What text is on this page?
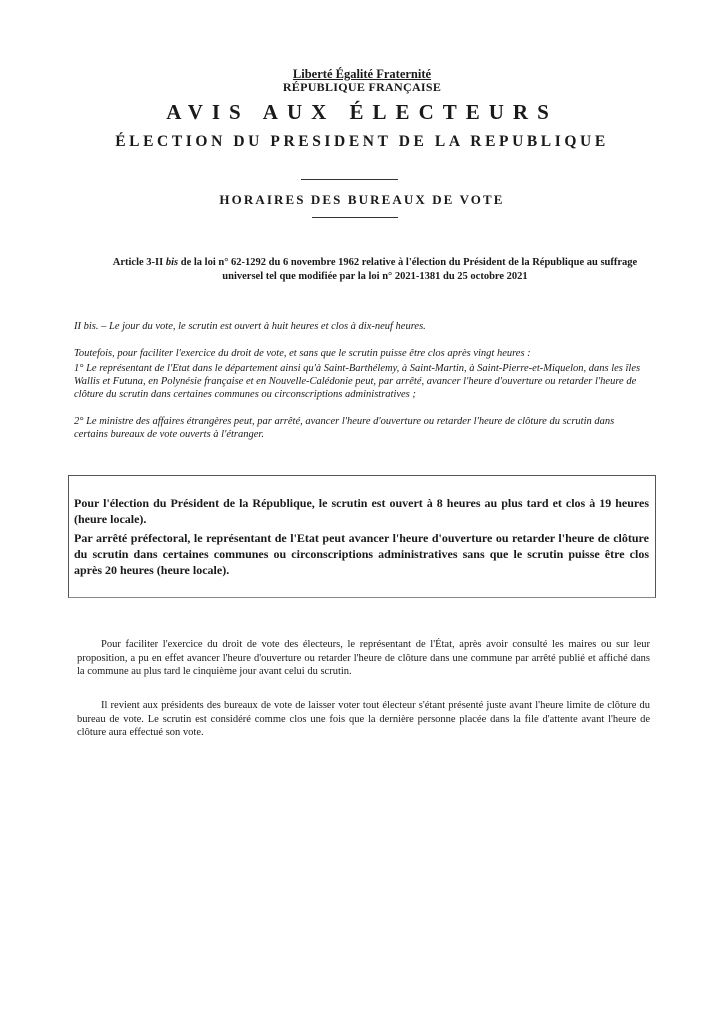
Liberté Égalité Fraternité
RÉPUBLIQUE FRANÇAISE
AVIS AUX ÉLECTEURS
ÉLECTION DU PRESIDENT DE LA REPUBLIQUE
HORAIRES DES BUREAUX DE VOTE
Article 3-II bis de la loi n° 62-1292 du 6 novembre 1962 relative à l'élection du Président de la République au suffrage universel tel que modifiée par la loi n° 2021-1381 du 25 octobre 2021
II bis. – Le jour du vote, le scrutin est ouvert à huit heures et clos à dix-neuf heures.
Toutefois, pour faciliter l'exercice du droit de vote, et sans que le scrutin puisse être clos après vingt heures :
1° Le représentant de l'Etat dans le département ainsi qu'à Saint-Barthélemy, à Saint-Martin, à Saint-Pierre-et-Miquelon, dans les îles Wallis et Futuna, en Polynésie française et en Nouvelle-Calédonie peut, par arrêté, avancer l'heure d'ouverture ou retarder l'heure de clôture du scrutin dans certaines communes ou circonscriptions administratives ;
2° Le ministre des affaires étrangères peut, par arrêté, avancer l'heure d'ouverture ou retarder l'heure de clôture du scrutin dans certains bureaux de vote ouverts à l'étranger.
Pour l'élection du Président de la République, le scrutin est ouvert à 8 heures au plus tard et clos à 19 heures (heure locale).
Par arrêté préfectoral, le représentant de l'Etat peut avancer l'heure d'ouverture ou retarder l'heure de clôture du scrutin dans certaines communes ou circonscriptions administratives sans que le scrutin puisse être clos après 20 heures (heure locale).
Pour faciliter l'exercice du droit de vote des électeurs, le représentant de l'État, après avoir consulté les maires ou sur leur proposition, a pu en effet avancer l'heure d'ouverture ou retarder l'heure de clôture dans une commune par arrêté publié et affiché dans la commune au plus tard le cinquième jour avant celui du scrutin.
Il revient aux présidents des bureaux de vote de laisser voter tout électeur s'étant présenté juste avant l'heure limite de clôture du bureau de vote. Le scrutin est considéré comme clos une fois que la dernière personne placée dans la file d'attente avant l'heure de clôture aura effectué son vote.
